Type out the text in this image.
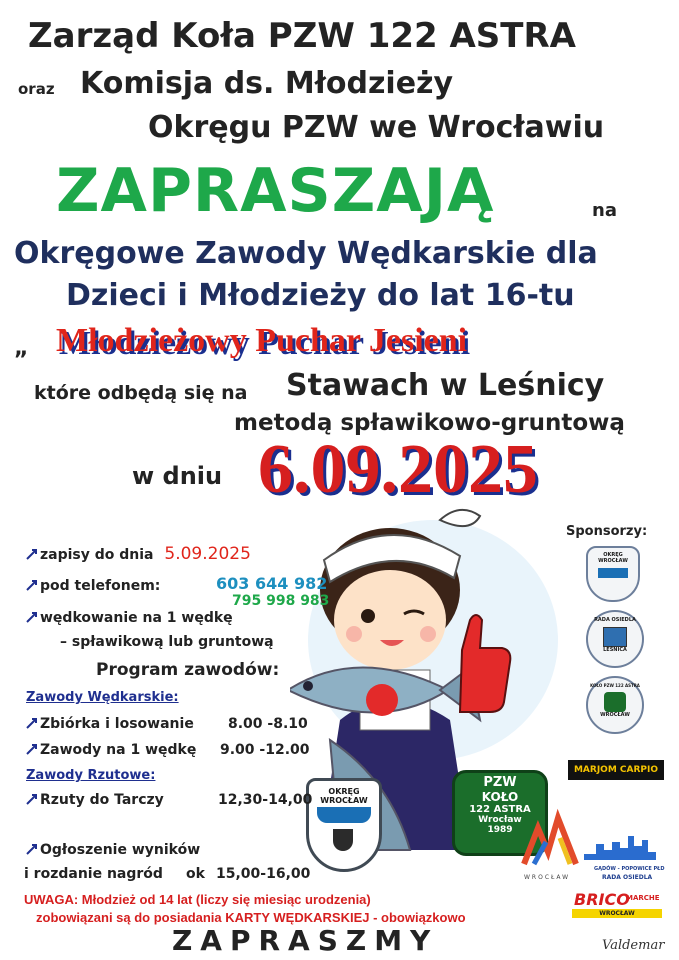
Zarząd Koła PZW 122 ASTRA
oraz Komisja ds. Młodzieży
Okręgu PZW we Wrocławiu
ZAPRASZAJĄ	na
Okręgowe Zawody Wędkarskie dla
Dzieci i Młodzieży do lat 16-tu
„ Młodzieżowy Puchar Jesieni
które odbędą się na Stawach w Leśnicy
metodą spławikowo-gruntową
w dniu 6.09.2025
OKRĘG WROCŁAW
PZW
KOŁO
122 ASTRA
Wrocław
1989
zapisy do dnia 5.09.2025
pod telefonem:	603 644 982
795 998 983
wędkowanie na 1 wędkę
– spławikową lub gruntową
Program zawodów:
Zawody Wędkarskie:
Zbiórka i losowanie 8.00 -8.10
Zawody na 1 wędkę 9.00 -12.00
Zawody Rzutowe:
Rzuty do Tarczy	12,30-14,00
Ogłoszenie wyników
i rozdanie nagród ok 15,00-16,00
Sponsorzy:
OKRĘG WROCŁAW
RADA OSIEDLA
LEŚNICA
KOŁO PZW 122 ASTRA
WROCŁAW
MARJOM CARPIO
WROCŁAW
GĄDÓW - POPOWICE PŁD
RADA OSIEDLA
BRICO
MARCHE
WROCŁAW
UWAGA: Młodzież od 14 lat (liczy się miesiąc urodzenia)
zobowiązani są do posiadania KARTY WĘDKARSKIEJ - obowiązkowo
ZAPRASZMY	Valdemar
